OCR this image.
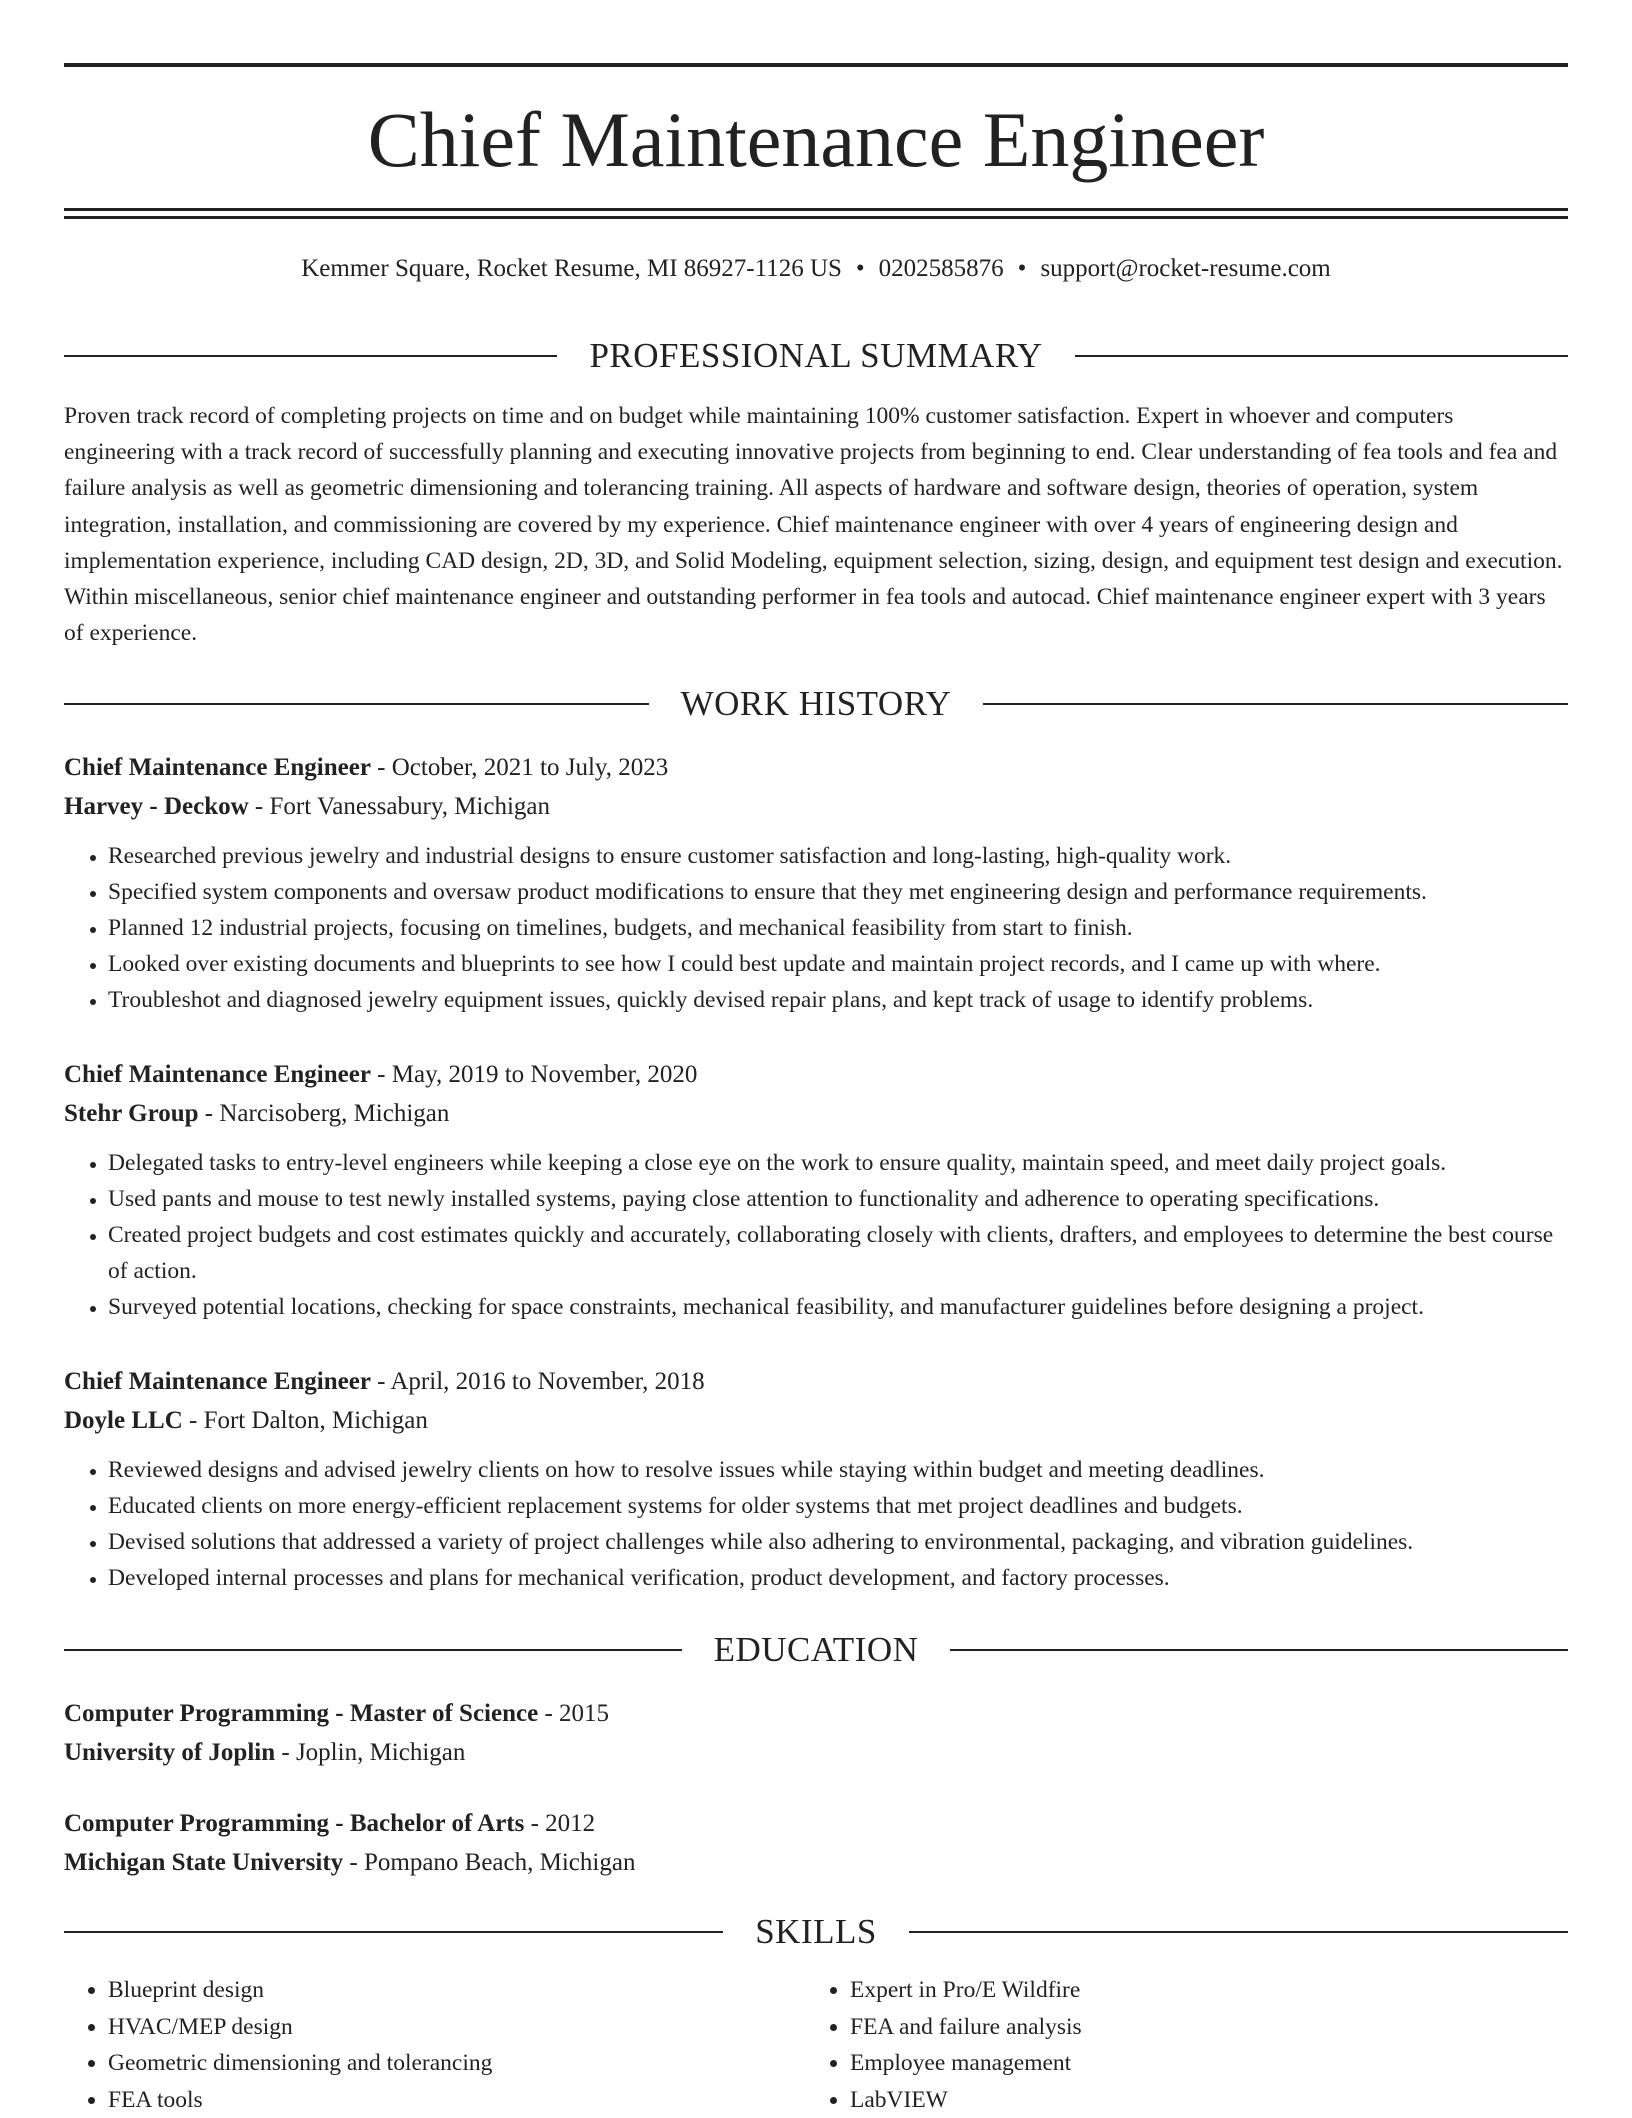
Chief Maintenance Engineer
Kemmer Square, Rocket Resume, MI 86927-1126 US • 0202585876 • support@rocket-resume.com
PROFESSIONAL SUMMARY

Proven track record of completing projects on time and on budget while maintaining 100% customer satisfaction. Expert in whoever and computers engineering with a track record of successfully planning and executing innovative projects from beginning to end. Clear understanding of fea tools and fea and failure analysis as well as geometric dimensioning and tolerancing training. All aspects of hardware and software design, theories of operation, system integration, installation, and commissioning are covered by my experience. Chief maintenance engineer with over 4 years of engineering design and implementation experience, including CAD design, 2D, 3D, and Solid Modeling, equipment selection, sizing, design, and equipment test design and execution. Within miscellaneous, senior chief maintenance engineer and outstanding performer in fea tools and autocad. Chief maintenance engineer expert with 3 years of experience.

WORK HISTORY
Chief Maintenance Engineer - October, 2021 to July, 2023
Harvey - Deckow - Fort Vanessabury, Michigan
• Researched previous jewelry and industrial designs to ensure customer satisfaction and long-lasting, high-quality work.
• Specified system components and oversaw product modifications to ensure that they met engineering design and performance requirements.
• Planned 12 industrial projects, focusing on timelines, budgets, and mechanical feasibility from start to finish.
• Looked over existing documents and blueprints to see how I could best update and maintain project records, and I came up with where.
• Troubleshot and diagnosed jewelry equipment issues, quickly devised repair plans, and kept track of usage to identify problems.
Chief Maintenance Engineer - May, 2019 to November, 2020
Stehr Group - Narcisoberg, Michigan
• Delegated tasks to entry-level engineers while keeping a close eye on the work to ensure quality, maintain speed, and meet daily project goals.
• Used pants and mouse to test newly installed systems, paying close attention to functionality and adherence to operating specifications.
• Created project budgets and cost estimates quickly and accurately, collaborating closely with clients, drafters, and employees to determine the best course of action.
• Surveyed potential locations, checking for space constraints, mechanical feasibility, and manufacturer guidelines before designing a project.
Chief Maintenance Engineer - April, 2016 to November, 2018
Doyle LLC - Fort Dalton, Michigan
• Reviewed designs and advised jewelry clients on how to resolve issues while staying within budget and meeting deadlines.
• Educated clients on more energy-efficient replacement systems for older systems that met project deadlines and budgets.
• Devised solutions that addressed a variety of project challenges while also adhering to environmental, packaging, and vibration guidelines.
• Developed internal processes and plans for mechanical verification, product development, and factory processes.
EDUCATION
Computer Programming - Master of Science - 2015
University of Joplin - Joplin, Michigan
Computer Programming - Bachelor of Arts - 2012
Michigan State University - Pompano Beach, Michigan
SKILLS
• Blueprint design
• HVAC/MEP design
• Geometric dimensioning and tolerancing
• FEA tools
• Expert in Pro/E Wildfire
• FEA and failure analysis
• Employee management
• LabVIEW
